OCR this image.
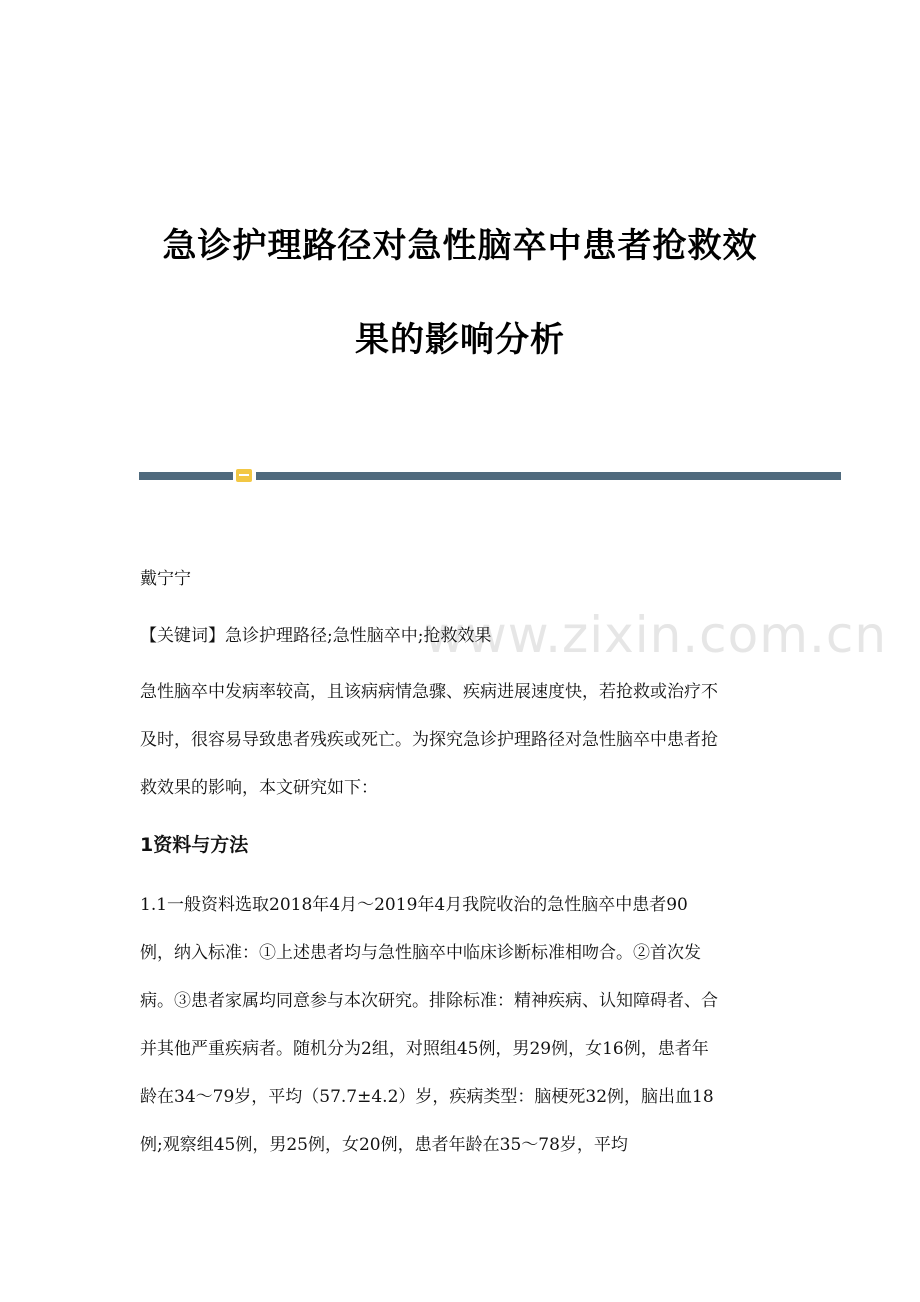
急诊护理路径对急性脑卒中患者抢救效
果的影响分析
www.zixin.com.cn

戴宁宁

【关键词】急诊护理路径;急性脑卒中;抢救效果

急性脑卒中发病率较高，且该病病情急骤、疾病进展速度快，若抢救或治疗不
及时，很容易导致患者残疾或死亡。为探究急诊护理路径对急性脑卒中患者抢
救效果的影响，本文研究如下：
1资料与方法
1.1一般资料选取2018年4月～2019年4月我院收治的急性脑卒中患者90
例，纳入标准：①上述患者均与急性脑卒中临床诊断标准相吻合。②首次发
病。③患者家属均同意参与本次研究。排除标准：精神疾病、认知障碍者、合
并其他严重疾病者。随机分为2组，对照组45例，男29例，女16例，患者年
龄在34～79岁，平均（57.7±4.2）岁，疾病类型：脑梗死32例，脑出血18
例;观察组45例，男25例，女20例，患者年龄在35～78岁，平均
